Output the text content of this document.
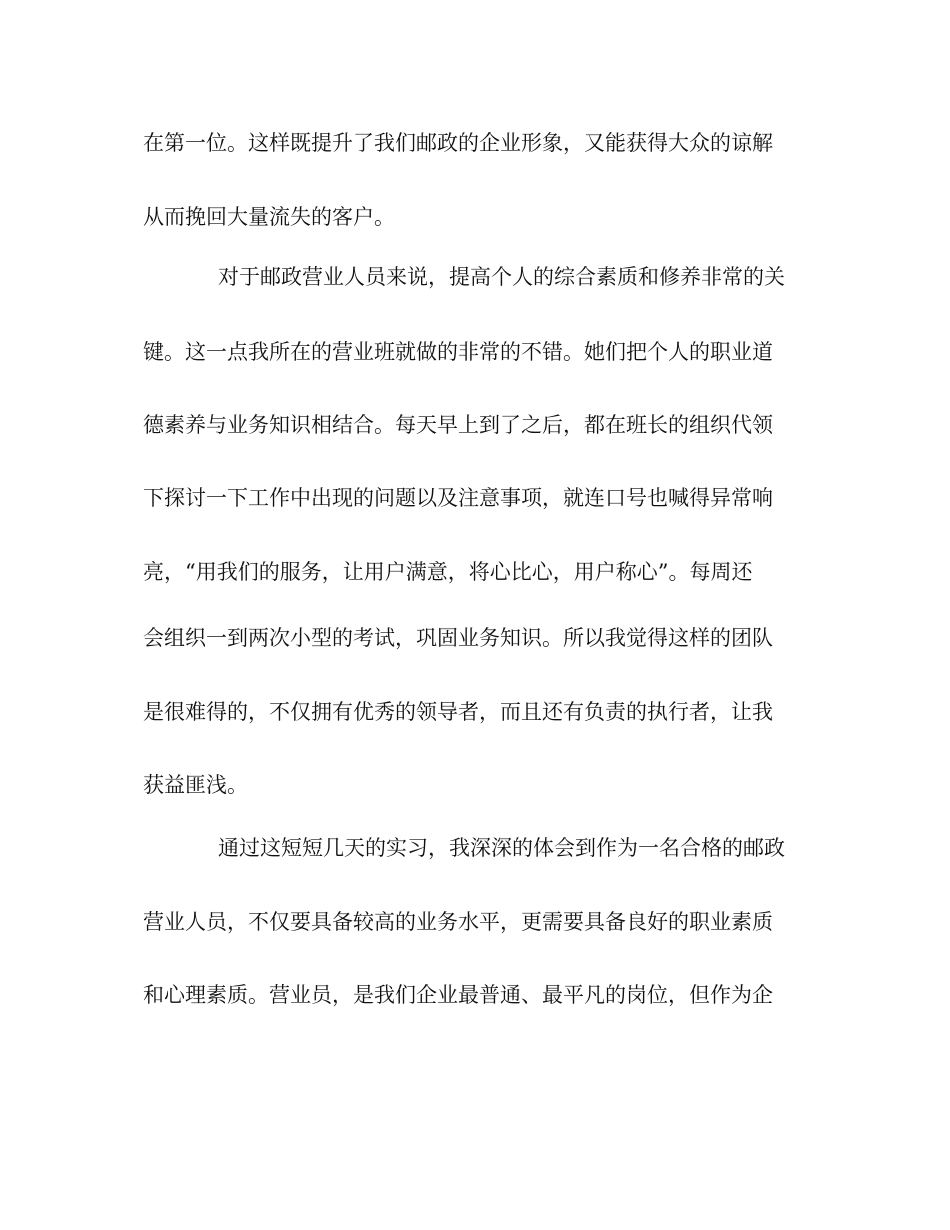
在第一位。这样既提升了我们邮政的企业形象，又能获得大众的谅解
从而挽回大量流失的客户。
对于邮政营业人员来说，提高个人的综合素质和修养非常的关
键。这一点我所在的营业班就做的非常的不错。她们把个人的职业道
德素养与业务知识相结合。每天早上到了之后，都在班长的组织代领
下探讨一下工作中出现的问题以及注意事项，就连口号也喊得异常响
亮，“用我们的服务，让用户满意，将心比心，用户称心”。每周还
会组织一到两次小型的考试，巩固业务知识。所以我觉得这样的团队
是很难得的，不仅拥有优秀的领导者，而且还有负责的执行者，让我
获益匪浅。
通过这短短几天的实习，我深深的体会到作为一名合格的邮政
营业人员，不仅要具备较高的业务水平，更需要具备良好的职业素质
和心理素质。营业员，是我们企业最普通、最平凡的岗位，但作为企
